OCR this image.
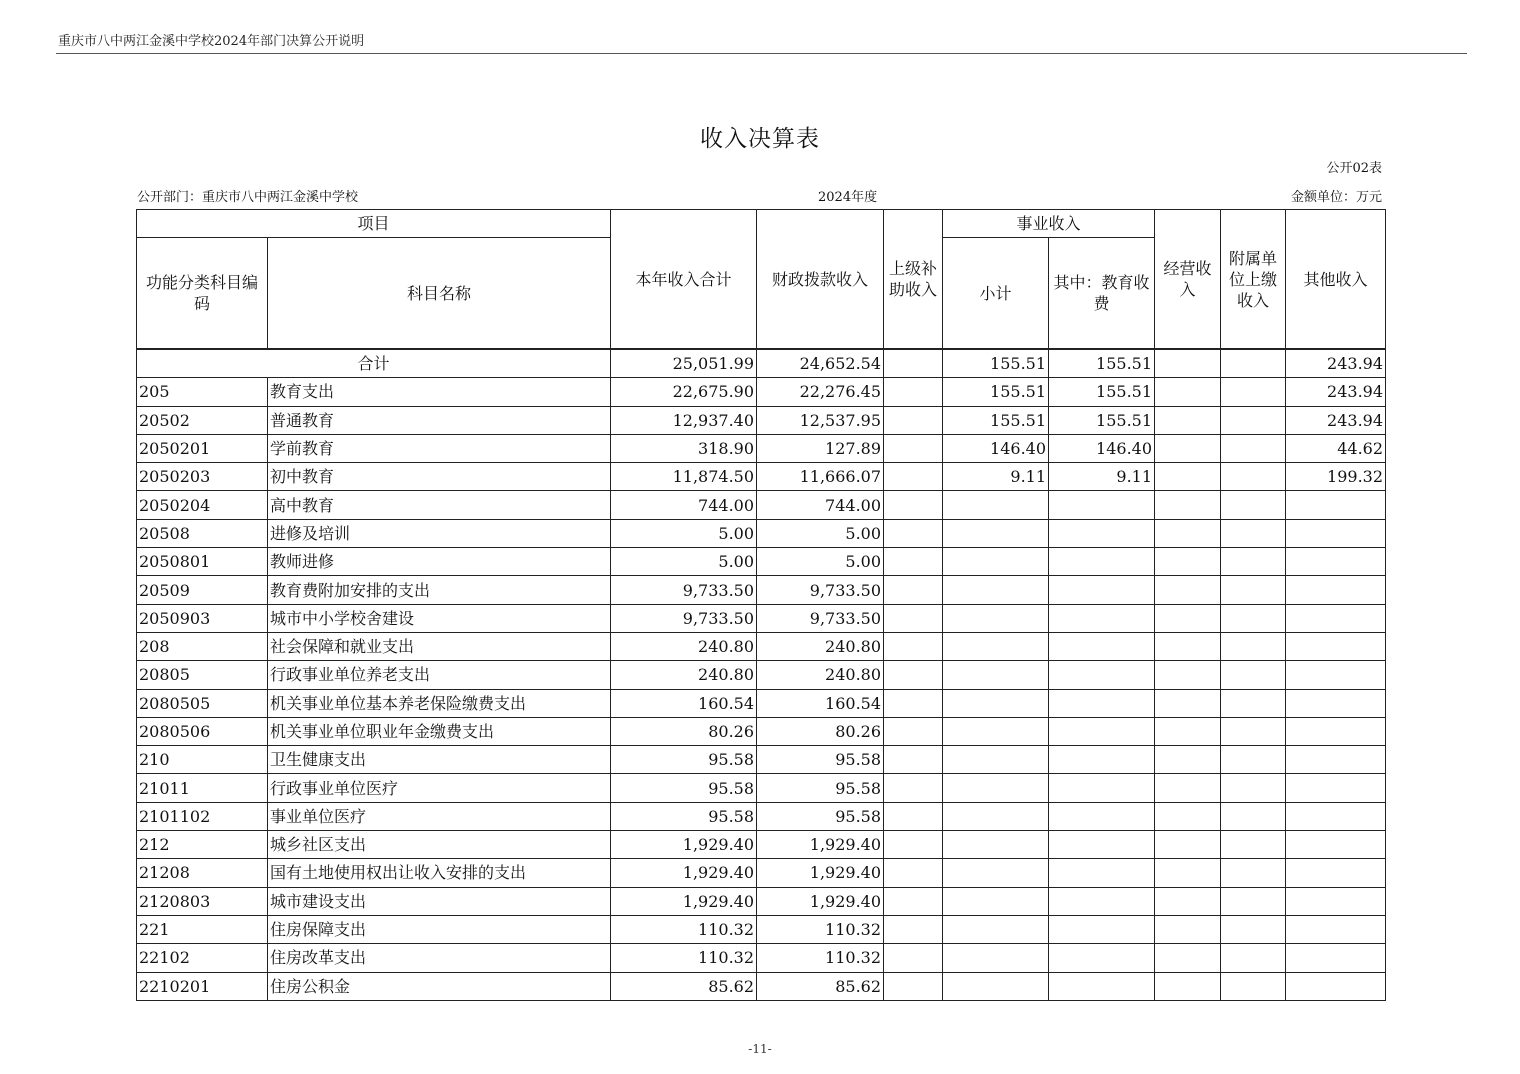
重庆市八中两江金溪中学校2024年部门决算公开说明
收入决算表
公开02表
公开部门：重庆市八中两江金溪中学校	2024年度	金额单位：万元
项目		本年收入合计	财政拨款收入	上级补助收入	事业收入		经营收入	附属单位上缴收入	其他收入
功能分类科目编码	科目名称				小计	其中：教育收费			
合计		25,051.99	24,652.54		155.51	155.51			243.94
205	教育支出	22,675.90	22,276.45		155.51	155.51			243.94
20502	普通教育	12,937.40	12,537.95		155.51	155.51			243.94
2050201	学前教育	318.90	127.89		146.40	146.40			44.62
2050203	初中教育	11,874.50	11,666.07		9.11	9.11			199.32
2050204	高中教育	744.00	744.00						
20508	进修及培训	5.00	5.00						
2050801	教师进修	5.00	5.00						
20509	教育费附加安排的支出	9,733.50	9,733.50						
2050903	城市中小学校舍建设	9,733.50	9,733.50						
208	社会保障和就业支出	240.80	240.80						
20805	行政事业单位养老支出	240.80	240.80						
2080505	机关事业单位基本养老保险缴费支出	160.54	160.54						
2080506	机关事业单位职业年金缴费支出	80.26	80.26						
210	卫生健康支出	95.58	95.58						
21011	行政事业单位医疗	95.58	95.58						
2101102	事业单位医疗	95.58	95.58						
212	城乡社区支出	1,929.40	1,929.40						
21208	国有土地使用权出让收入安排的支出	1,929.40	1,929.40						
2120803	城市建设支出	1,929.40	1,929.40						
221	住房保障支出	110.32	110.32						
22102	住房改革支出	110.32	110.32						
2210201	住房公积金	85.62	85.62						
-11-
